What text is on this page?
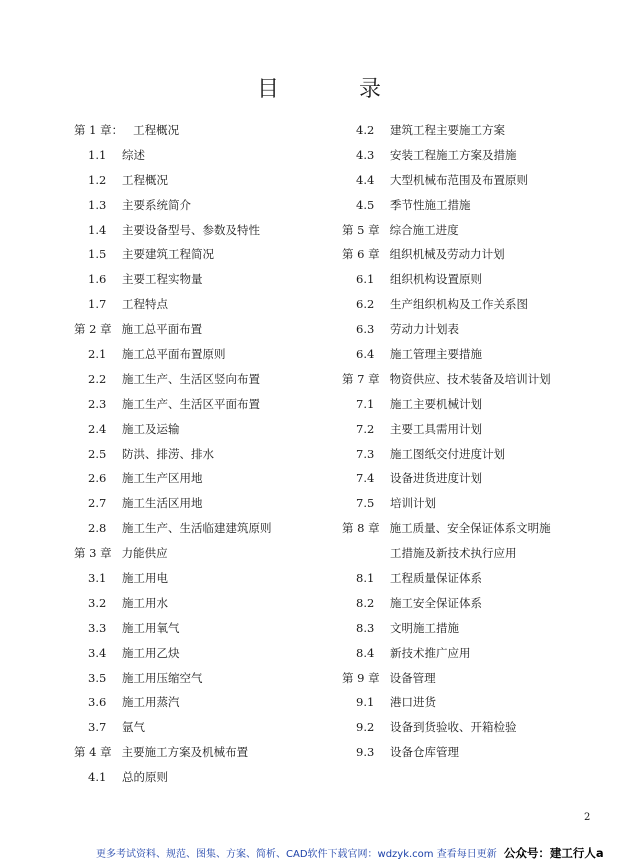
目录
第 1 章： 工程概况
1.1	综述
1.2	工程概况
1.3	主要系统简介
1.4	主要设备型号、参数及特性
1.5	主要建筑工程简况
1.6	主要工程实物量
1.7	工程特点
第 2 章 施工总平面布置
2.1	施工总平面布置原则
2.2	施工生产、生活区竖向布置
2.3	施工生产、生活区平面布置
2.4	施工及运输
2.5	防洪、排涝、排水
2.6	施工生产区用地
2.7	施工生活区用地
2.8	施工生产、生活临建建筑原则
第 3 章 力能供应
3.1	施工用电
3.2	施工用水
3.3	施工用氧气
3.4	施工用乙炔
3.5	施工用压缩空气
3.6	施工用蒸汽
3.7	氩气
第 4 章 主要施工方案及机械布置
4.1	总的原则
4.2	建筑工程主要施工方案
4.3	安装工程施工方案及措施
4.4	大型机械布范围及布置原则
4.5	季节性施工措施
第 5 章 综合施工进度
第 6 章 组织机械及劳动力计划
6.1	组织机构设置原则
6.2	生产组织机构及工作关系图
6.3	劳动力计划表
6.4	施工管理主要措施
第 7 章 物资供应、技术装备及培训计划
7.1	施工主要机械计划
7.2	主要工具需用计划
7.3	施工图纸交付进度计划
7.4	设备进货进度计划
7.5	培训计划
第 8 章 施工质量、安全保证体系文明施
工措施及新技术执行应用
8.1	工程质量保证体系
8.2	施工安全保证体系
8.3	文明施工措施
8.4	新技术推广应用
第 9 章 设备管理
9.1	港口进货
9.2	设备到货验收、开箱检验
9.3	设备仓库管理
2
更多考试资料、规范、图集、方案、简析、CAD软件下载官网：wdzyk.com 查看每日更新 公众号：建工行人a
